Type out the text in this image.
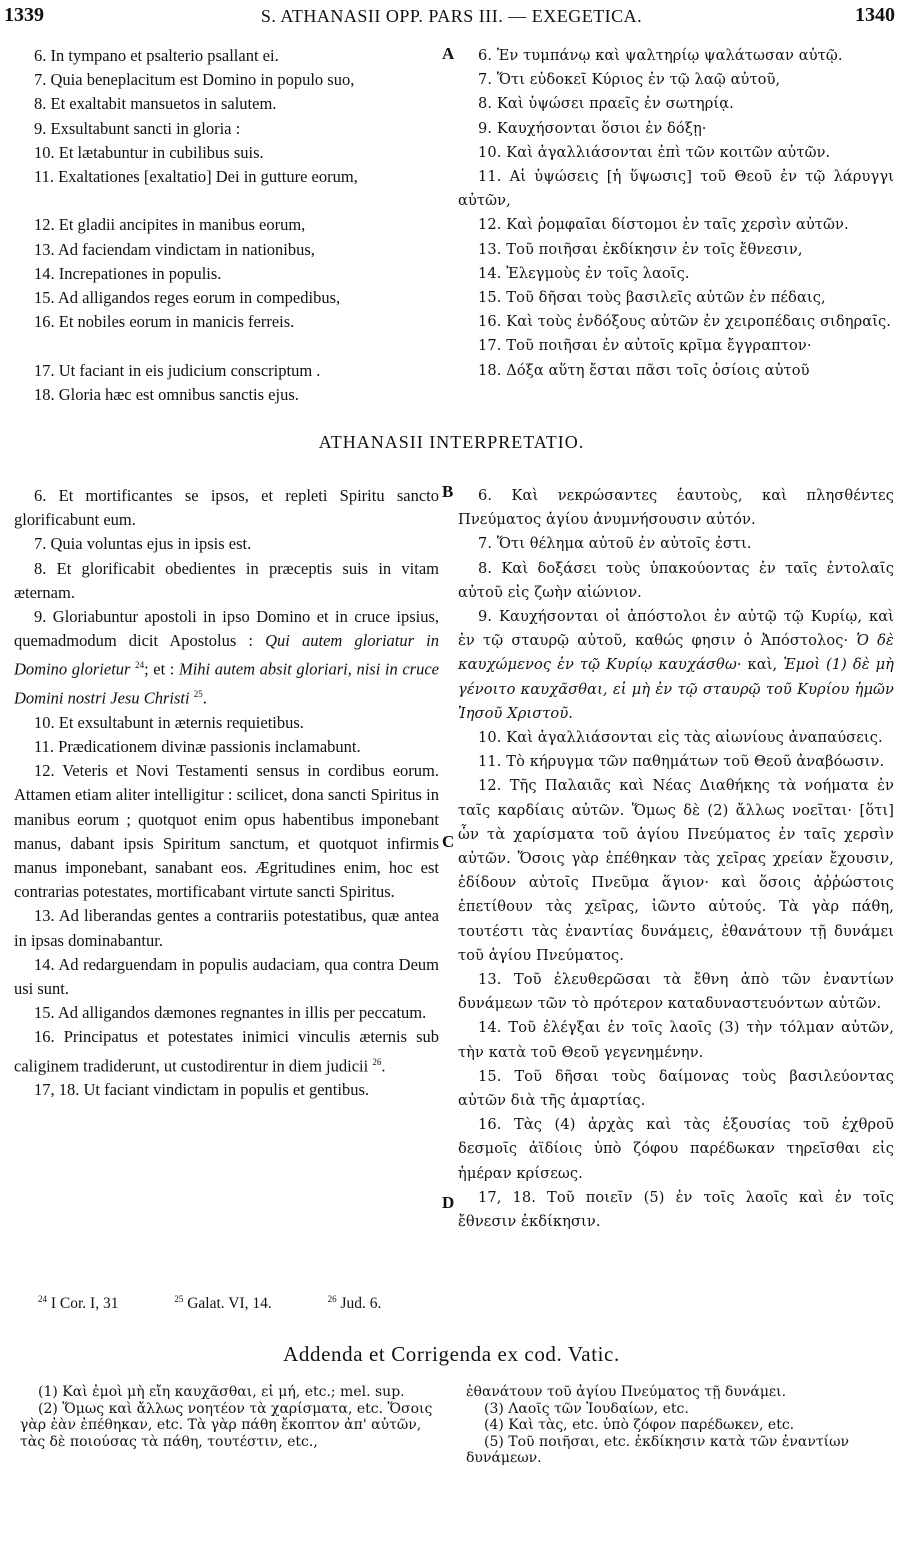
1339	S. ATHANASII OPP. PARS III. — EXEGETICA.	1340

6. In tympano et psalterio psallant ei.

7. Quia beneplacitum est Domino in populo suo,

8. Et exaltabit mansuetos in salutem.

9. Exsultabunt sancti in gloria :

10. Et lætabuntur in cubilibus suis.

11. Exaltationes [exaltatio] Dei in gutture eorum,

12. Et gladii ancipites in manibus eorum,

13. Ad faciendam vindictam in nationibus,

14. Increpationes in populis.

15. Ad alligandos reges eorum in compedibus,

16. Et nobiles eorum in manicis ferreis.

17. Ut faciant in eis judicium conscriptum .

18. Gloria hæc est omnibus sanctis ejus.

A	6. Ἐν τυμπάνῳ καὶ ψαλτηρίῳ ψαλάτωσαν αὐτῷ.

7. Ὅτι εὐδοκεῖ Κύριος ἐν τῷ λαῷ αὐτοῦ,

8. Καὶ ὑψώσει πραεῖς ἐν σωτηρίᾳ.

9. Καυχήσονται ὅσιοι ἐν δόξῃ·

10. Καὶ ἀγαλλιάσονται ἐπὶ τῶν κοιτῶν αὐτῶν.

11. Αἱ ὑψώσεις [ἡ ὕψωσις] τοῦ Θεοῦ ἐν τῷ λάρυγγι αὐτῶν,

12. Καὶ ῥομφαῖαι δίστομοι ἐν ταῖς χερσὶν αὐτῶν.

13. Τοῦ ποιῆσαι ἐκδίκησιν ἐν τοῖς ἔθνεσιν,

14. Ἐλεγμοὺς ἐν τοῖς λαοῖς.

15. Τοῦ δῆσαι τοὺς βασιλεῖς αὐτῶν ἐν πέδαις,

16. Καὶ τοὺς ἐνδόξους αὐτῶν ἐν χειροπέδαις σιδηραῖς.

17. Τοῦ ποιῆσαι ἐν αὐτοῖς κρῖμα ἔγγραπτον·

18. Δόξα αὕτη ἔσται πᾶσι τοῖς ὁσίοις αὐτοῦ

ATHANASII INTERPRETATIO.

6. Et mortificantes se ipsos, et repleti Spiritu sancto glorificabunt eum.

7. Quia voluntas ejus in ipsis est.

8. Et glorificabit obedientes in præceptis suis in vitam æternam.

9. Gloriabuntur apostoli in ipso Domino et in cruce ipsius, quemadmodum dicit Apostolus : Qui autem gloriatur in Domino glorietur $^{24}$; et : Mihi autem absit gloriari, nisi in cruce Domini nostri Jesu Christi $^{25}$.

10. Et exsultabunt in æternis requietibus.

11. Prædicationem divinæ passionis inclamabunt.

12. Veteris et Novi Testamenti sensus in cordibus eorum. Attamen etiam aliter intelligitur : scilicet, dona sancti Spiritus in manibus eorum ; quotquot enim opus habentibus imponebant manus, dabant ipsis Spiritum sanctum, et quotquot infirmis manus imponebant, sanabant eos. Ægritudines enim, hoc est contrarias potestates, mortificabant virtute sancti Spiritus.

13. Ad liberandas gentes a contrariis potestatibus, quæ antea in ipsas dominabantur.

14. Ad redarguendam in populis audaciam, qua contra Deum usi sunt.

15. Ad alligandos dæmones regnantes in illis per peccatum.

16. Principatus et potestates inimici vinculis æternis sub caliginem tradiderunt, ut custodirentur in diem judicii $^{26}$.

17, 18. Ut faciant vindictam in populis et gentibus.

B
C
D

6. Καὶ νεκρώσαντες ἑαυτοὺς, καὶ πλησθέντες Πνεύματος ἁγίου ἀνυμνήσουσιν αὐτόν.

7. Ὅτι θέλημα αὐτοῦ ἐν αὐτοῖς ἐστι.

8. Καὶ δοξάσει τοὺς ὑπακούοντας ἐν ταῖς ἐντολαῖς αὐτοῦ εἰς ζωὴν αἰώνιον.

9. Καυχήσονται οἱ ἀπόστολοι ἐν αὐτῷ τῷ Κυρίῳ, καὶ ἐν τῷ σταυρῷ αὐτοῦ, καθώς φησιν ὁ Ἀπόστολος· Ὁ δὲ καυχώμενος ἐν τῷ Κυρίῳ καυχάσθω· καὶ, Ἐμοὶ (1) δὲ μὴ γένοιτο καυχᾶσθαι, εἰ μὴ ἐν τῷ σταυρῷ τοῦ Κυρίου ἡμῶν Ἰησοῦ Χριστοῦ.

10. Καὶ ἀγαλλιάσονται εἰς τὰς αἰωνίους ἀναπαύσεις.

11. Τὸ κήρυγμα τῶν παθημάτων τοῦ Θεοῦ ἀναβόωσιν.

12. Τῆς Παλαιᾶς καὶ Νέας Διαθήκης τὰ νοήματα ἐν ταῖς καρδίαις αὐτῶν. Ὅμως δὲ (2) ἄλλως νοεῖται· [ὅτι] ὧν τὰ χαρίσματα τοῦ ἁγίου Πνεύματος ἐν ταῖς χερσὶν αὐτῶν. Ὅσοις γὰρ ἐπέθηκαν τὰς χεῖρας χρείαν ἔχουσιν, ἐδίδουν αὐτοῖς Πνεῦμα ἅγιον· καὶ ὅσοις ἀῤῥώστοις ἐπετίθουν τὰς χεῖρας, ἰῶντο αὐτούς. Τὰ γὰρ πάθη, τουτέστι τὰς ἐναντίας δυνάμεις, ἐθανάτουν τῇ δυνάμει τοῦ ἁγίου Πνεύματος.

13. Τοῦ ἐλευθερῶσαι τὰ ἔθνη ἀπὸ τῶν ἐναντίων δυνάμεων τῶν τὸ πρότερον καταδυναστευόντων αὐτῶν.

14. Τοῦ ἐλέγξαι ἐν τοῖς λαοῖς (3) τὴν τόλμαν αὐτῶν, τὴν κατὰ τοῦ Θεοῦ γεγενημένην.

15. Τοῦ δῆσαι τοὺς δαίμονας τοὺς βασιλεύοντας αὐτῶν διὰ τῆς ἁμαρτίας.

16. Τὰς (4) ἀρχὰς καὶ τὰς ἐξουσίας τοῦ ἐχθροῦ δεσμοῖς ἀϊδίοις ὑπὸ ζόφου παρέδωκαν τηρεῖσθαι εἰς ἡμέραν κρίσεως.

17, 18. Τοῦ ποιεῖν (5) ἐν τοῖς λαοῖς καὶ ἐν τοῖς ἔθνεσιν ἐκδίκησιν.

$^{24}$ I Cor. I, 31	$^{25}$ Galat. VI, 14.	$^{26}$ Jud. 6.
Addenda et Corrigenda ex cod. Vatic.

(1) Καὶ ἐμοὶ μὴ εἴη καυχᾶσθαι, εἰ μή, etc.; mel. sup.

(2) Ὅμως καὶ ἄλλως νοητέον τὰ χαρίσματα, etc. Ὅσοις γὰρ ἐὰν ἐπέθηκαν, etc. Τὰ γὰρ πάθη ἔκοπτον ἀπ' αὐτῶν, τὰς δὲ ποιούσας τὰ πάθη, τουτέστιν, etc.,

ἐθανάτουν τοῦ ἁγίου Πνεύματος τῇ δυνάμει.

(3) Λαοῖς τῶν Ἰουδαίων, etc.

(4) Καὶ τὰς, etc. ὑπὸ ζόφον παρέδωκεν, etc.

(5) Τοῦ ποιῆσαι, etc. ἐκδίκησιν κατὰ τῶν ἐναντίων δυνάμεων.
